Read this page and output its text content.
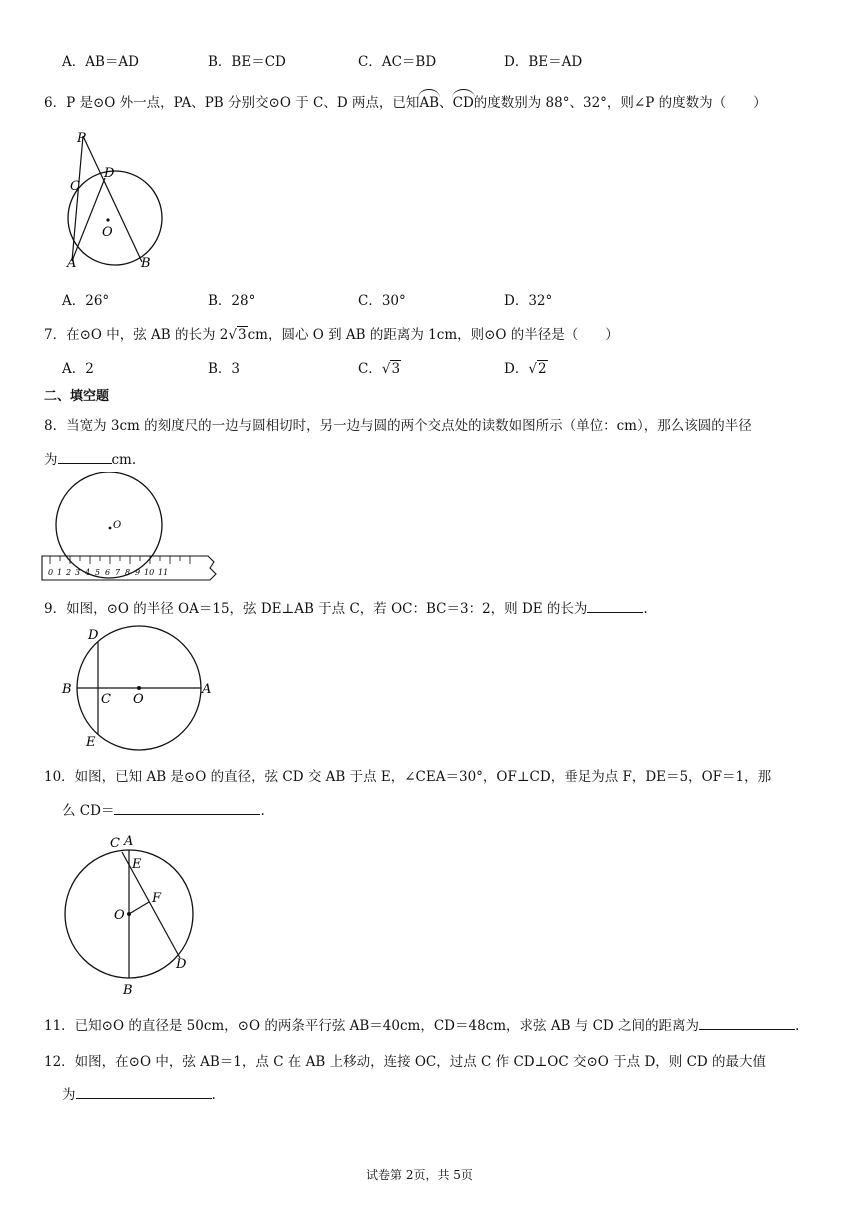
A．AB＝AD	B．BE＝CD	C．AC＝BD	D．BE＝AD
6．P 是⊙O 外一点，PA、PB 分别交⊙O 于 C、D 两点，已知AB、CD的度数别为 88°、32°，则∠P 的度数为（　　）
P
C
D
O
A	B
A．26°	B．28°	C．30°	D．32°
7．在⊙O 中，弦 AB 的长为 2√3cm，圆心 O 到 AB 的距离为 1cm，则⊙O 的半径是（　　）
A．2	B．3	C．√3	D．√2
二、填空题
8．当宽为 3cm 的刻度尺的一边与圆相切时，另一边与圆的两个交点处的读数如图所示（单位：cm），那么该圆的半径
为	cm.
O
0 1 2 3 4 5 6 7 8 9 10 11
9．如图，⊙O 的半径 OA＝15，弦 DE⊥AB 于点 C，若 OC：BC＝3：2，则 DE 的长为	.
D
B
C O
A
E
10．如图，已知 AB 是⊙O 的直径，弦 CD 交 AB 于点 E，∠CEA＝30°，OF⊥CD，垂足为点 F，DE＝5，OF＝1，那
么 CD＝	.
C A
E
F
O
D
B
11．已知⊙O 的直径是 50cm，⊙O 的两条平行弦 AB＝40cm，CD＝48cm，求弦 AB 与 CD 之间的距离为	.
12．如图，在⊙O 中，弦 AB＝1，点 C 在 AB 上移动，连接 OC，过点 C 作 CD⊥OC 交⊙O 于点 D，则 CD 的最大值
为	.
试卷第 2页，共 5页
